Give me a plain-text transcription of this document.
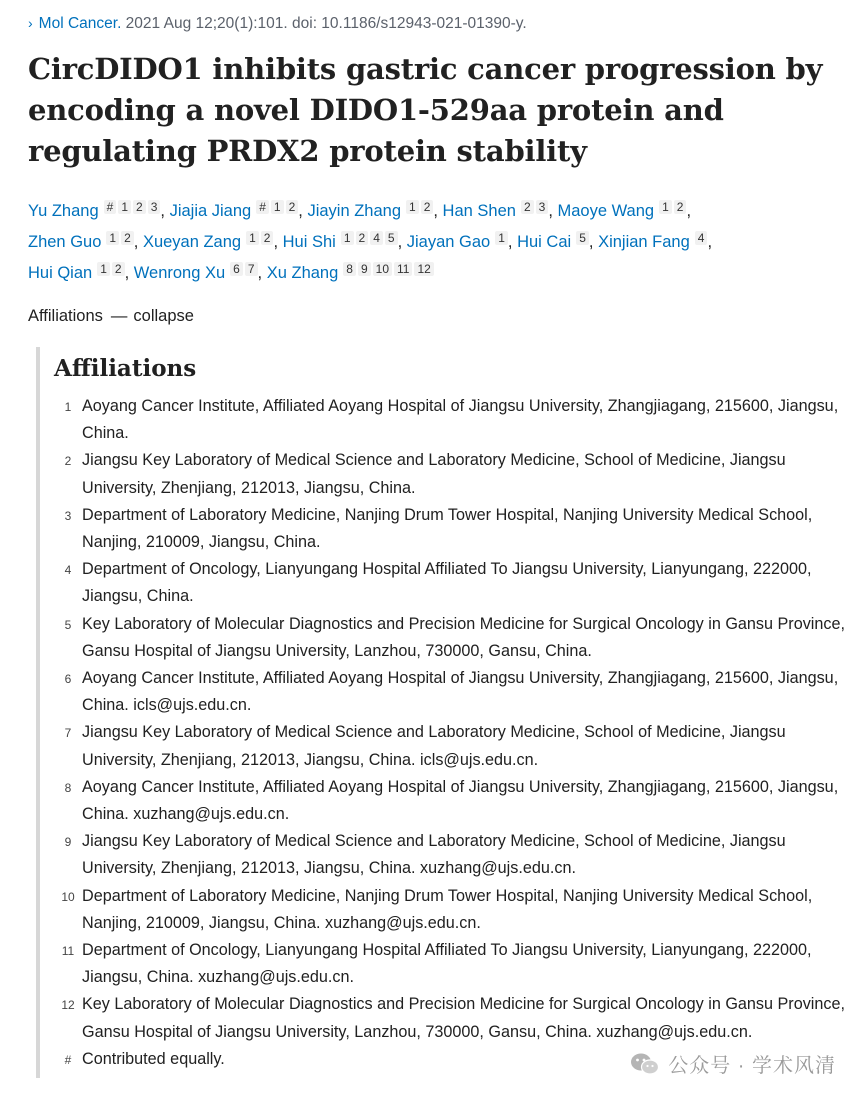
› Mol Cancer. 2021 Aug 12;20(1):101. doi: 10.1186/s12943-021-01390-y.
CircDIDO1 inhibits gastric cancer progression by encoding a novel DIDO1-529aa protein and regulating PRDX2 protein stability
Yu Zhang $^{\# 1 2 3}$ , Jiajia Jiang $^{\# 1 2}$ , Jiayin Zhang $^{1 2}$ , Han Shen $^{2 3}$ , Maoye Wang $^{1 2}$ ,
Zhen Guo $^{1 2}$ , Xueyan Zang $^{1 2}$ , Hui Shi $^{1 2 4 5}$ , Jiayan Gao $^1$ , Hui Cai $^5$ , Xinjian Fang $^4$ ,
Hui Qian $^{1 2}$ , Wenrong Xu $^{6 7}$ , Xu Zhang $^{8 9 10 11 12}$
Affiliations — collapse
Affiliations
1 Aoyang Cancer Institute, Affiliated Aoyang Hospital of Jiangsu University, Zhangjiagang, 215600, Jiangsu, China.
2 Jiangsu Key Laboratory of Medical Science and Laboratory Medicine, School of Medicine, Jiangsu University, Zhenjiang, 212013, Jiangsu, China.
3 Department of Laboratory Medicine, Nanjing Drum Tower Hospital, Nanjing University Medical School, Nanjing, 210009, Jiangsu, China.
4 Department of Oncology, Lianyungang Hospital Affiliated To Jiangsu University, Lianyungang, 222000, Jiangsu, China.
5 Key Laboratory of Molecular Diagnostics and Precision Medicine for Surgical Oncology in Gansu Province, Gansu Hospital of Jiangsu University, Lanzhou, 730000, Gansu, China.
6 Aoyang Cancer Institute, Affiliated Aoyang Hospital of Jiangsu University, Zhangjiagang, 215600, Jiangsu, China. icls@ujs.edu.cn.
7 Jiangsu Key Laboratory of Medical Science and Laboratory Medicine, School of Medicine, Jiangsu University, Zhenjiang, 212013, Jiangsu, China. icls@ujs.edu.cn.
8 Aoyang Cancer Institute, Affiliated Aoyang Hospital of Jiangsu University, Zhangjiagang, 215600, Jiangsu, China. xuzhang@ujs.edu.cn.
9 Jiangsu Key Laboratory of Medical Science and Laboratory Medicine, School of Medicine, Jiangsu University, Zhenjiang, 212013, Jiangsu, China. xuzhang@ujs.edu.cn.
10 Department of Laboratory Medicine, Nanjing Drum Tower Hospital, Nanjing University Medical School, Nanjing, 210009, Jiangsu, China. xuzhang@ujs.edu.cn.
11 Department of Oncology, Lianyungang Hospital Affiliated To Jiangsu University, Lianyungang, 222000, Jiangsu, China. xuzhang@ujs.edu.cn.
12 Key Laboratory of Molecular Diagnostics and Precision Medicine for Surgical Oncology in Gansu Province, Gansu Hospital of Jiangsu University, Lanzhou, 730000, Gansu, China. xuzhang@ujs.edu.cn.
# Contributed equally.	公众号 · 学术风清
